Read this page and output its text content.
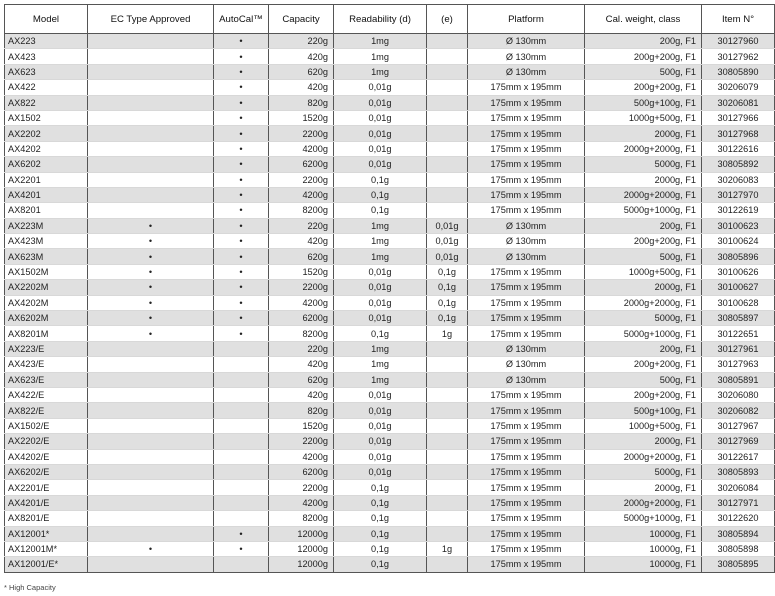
Model	EC Type Approved	AutoCal™	Capacity	Readability (d)	(e)	Platform	Cal. weight, class	Item N°
AX223		•	220g	1mg		Ø 130mm	200g, F1	30127960
AX423		•	420g	1mg		Ø 130mm	200g+200g, F1	30127962
AX623		•	620g	1mg		Ø 130mm	500g, F1	30805890
AX422		•	420g	0,01g		175mm x 195mm	200g+200g, F1	30206079
AX822		•	820g	0,01g		175mm x 195mm	500g+100g, F1	30206081
AX1502		•	1520g	0,01g		175mm x 195mm	1000g+500g, F1	30127966
AX2202		•	2200g	0,01g		175mm x 195mm	2000g, F1	30127968
AX4202		•	4200g	0,01g		175mm x 195mm	2000g+2000g, F1	30122616
AX6202		•	6200g	0,01g		175mm x 195mm	5000g, F1	30805892
AX2201		•	2200g	0,1g		175mm x 195mm	2000g, F1	30206083
AX4201		•	4200g	0,1g		175mm x 195mm	2000g+2000g, F1	30127970
AX8201		•	8200g	0,1g		175mm x 195mm	5000g+1000g, F1	30122619
AX223M	•	•	220g	1mg	0,01g	Ø 130mm	200g, F1	30100623
AX423M	•	•	420g	1mg	0,01g	Ø 130mm	200g+200g, F1	30100624
AX623M	•	•	620g	1mg	0,01g	Ø 130mm	500g, F1	30805896
AX1502M	•	•	1520g	0,01g	0,1g	175mm x 195mm	1000g+500g, F1	30100626
AX2202M	•	•	2200g	0,01g	0,1g	175mm x 195mm	2000g, F1	30100627
AX4202M	•	•	4200g	0,01g	0,1g	175mm x 195mm	2000g+2000g, F1	30100628
AX6202M	•	•	6200g	0,01g	0,1g	175mm x 195mm	5000g, F1	30805897
AX8201M	•	•	8200g	0,1g	1g	175mm x 195mm	5000g+1000g, F1	30122651
AX223/E			220g	1mg		Ø 130mm	200g, F1	30127961
AX423/E			420g	1mg		Ø 130mm	200g+200g, F1	30127963
AX623/E			620g	1mg		Ø 130mm	500g, F1	30805891
AX422/E			420g	0,01g		175mm x 195mm	200g+200g, F1	30206080
AX822/E			820g	0,01g		175mm x 195mm	500g+100g, F1	30206082
AX1502/E			1520g	0,01g		175mm x 195mm	1000g+500g, F1	30127967
AX2202/E			2200g	0,01g		175mm x 195mm	2000g, F1	30127969
AX4202/E			4200g	0,01g		175mm x 195mm	2000g+2000g, F1	30122617
AX6202/E			6200g	0,01g		175mm x 195mm	5000g, F1	30805893
AX2201/E			2200g	0,1g		175mm x 195mm	2000g, F1	30206084
AX4201/E			4200g	0,1g		175mm x 195mm	2000g+2000g, F1	30127971
AX8201/E			8200g	0,1g		175mm x 195mm	5000g+1000g, F1	30122620
AX12001*		•	12000g	0,1g		175mm x 195mm	10000g, F1	30805894
AX12001M*	•	•	12000g	0,1g	1g	175mm x 195mm	10000g, F1	30805898
AX12001/E*			12000g	0,1g		175mm x 195mm	10000g, F1	30805895
* High Capacity
